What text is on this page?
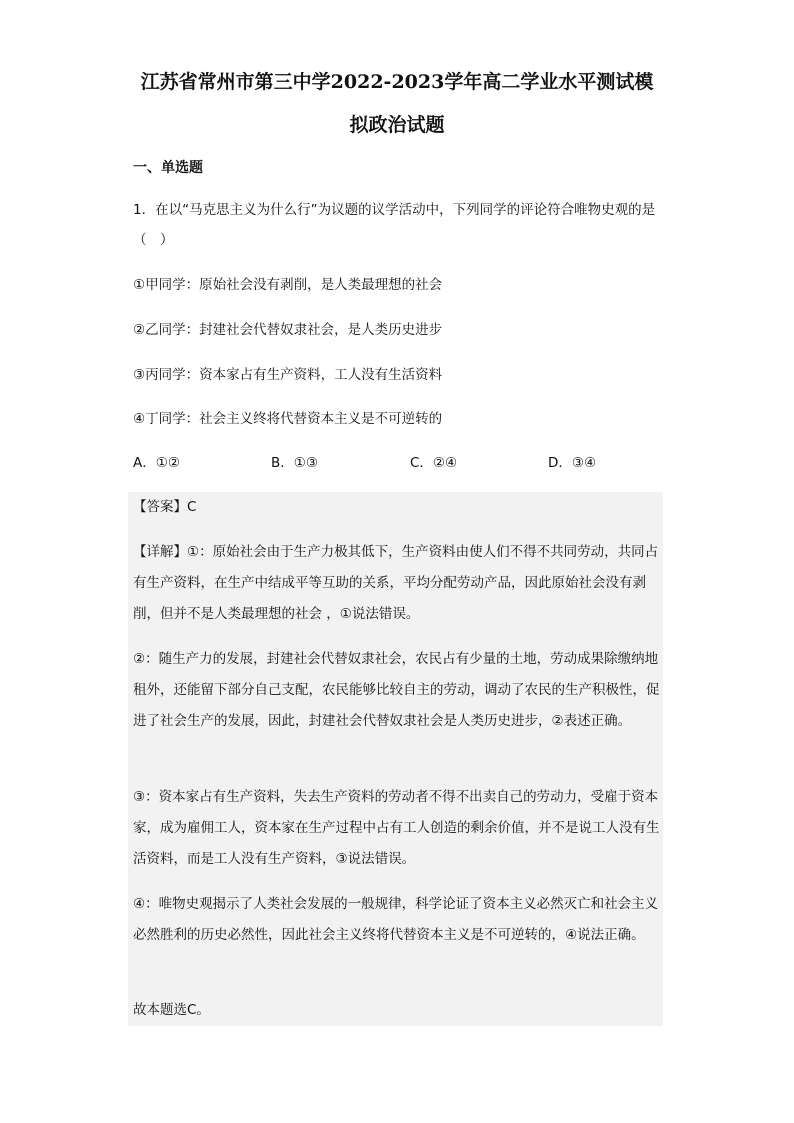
江苏省常州市第三中学2022-2023学年高二学业水平测试模
拟政治试题
一、单选题
1．在以“马克思主义为什么行”为议题的议学活动中，下列同学的评论符合唯物史观的是（　）
①甲同学：原始社会没有剥削，是人类最理想的社会
②乙同学：封建社会代替奴隶社会，是人类历史进步
③丙同学：资本家占有生产资料，工人没有生活资料
④丁同学：社会主义终将代替资本主义是不可逆转的
A．①②	B．①③	C．②④	D．③④
【答案】C
【详解】①：原始社会由于生产力极其低下，生产资料由使人们不得不共同劳动，共同占有生产资料，在生产中结成平等互助的关系，平均分配劳动产品，因此原始社会没有剥削，但并不是人类最理想的社会 ，①说法错误。
②：随生产力的发展，封建社会代替奴隶社会，农民占有少量的土地，劳动成果除缴纳地租外，还能留下部分自己支配，农民能够比较自主的劳动，调动了农民的生产积极性，促进了社会生产的发展，因此，封建社会代替奴隶社会是人类历史进步，②表述正确。
③：资本家占有生产资料，失去生产资料的劳动者不得不出卖自己的劳动力，受雇于资本家，成为雇佣工人，资本家在生产过程中占有工人创造的剩余价值，并不是说工人没有生活资料，而是工人没有生产资料，③说法错误。
④：唯物史观揭示了人类社会发展的一般规律，科学论证了资本主义必然灭亡和社会主义必然胜利的历史必然性，因此社会主义终将代替资本主义是不可逆转的，④说法正确。
故本题选C。
